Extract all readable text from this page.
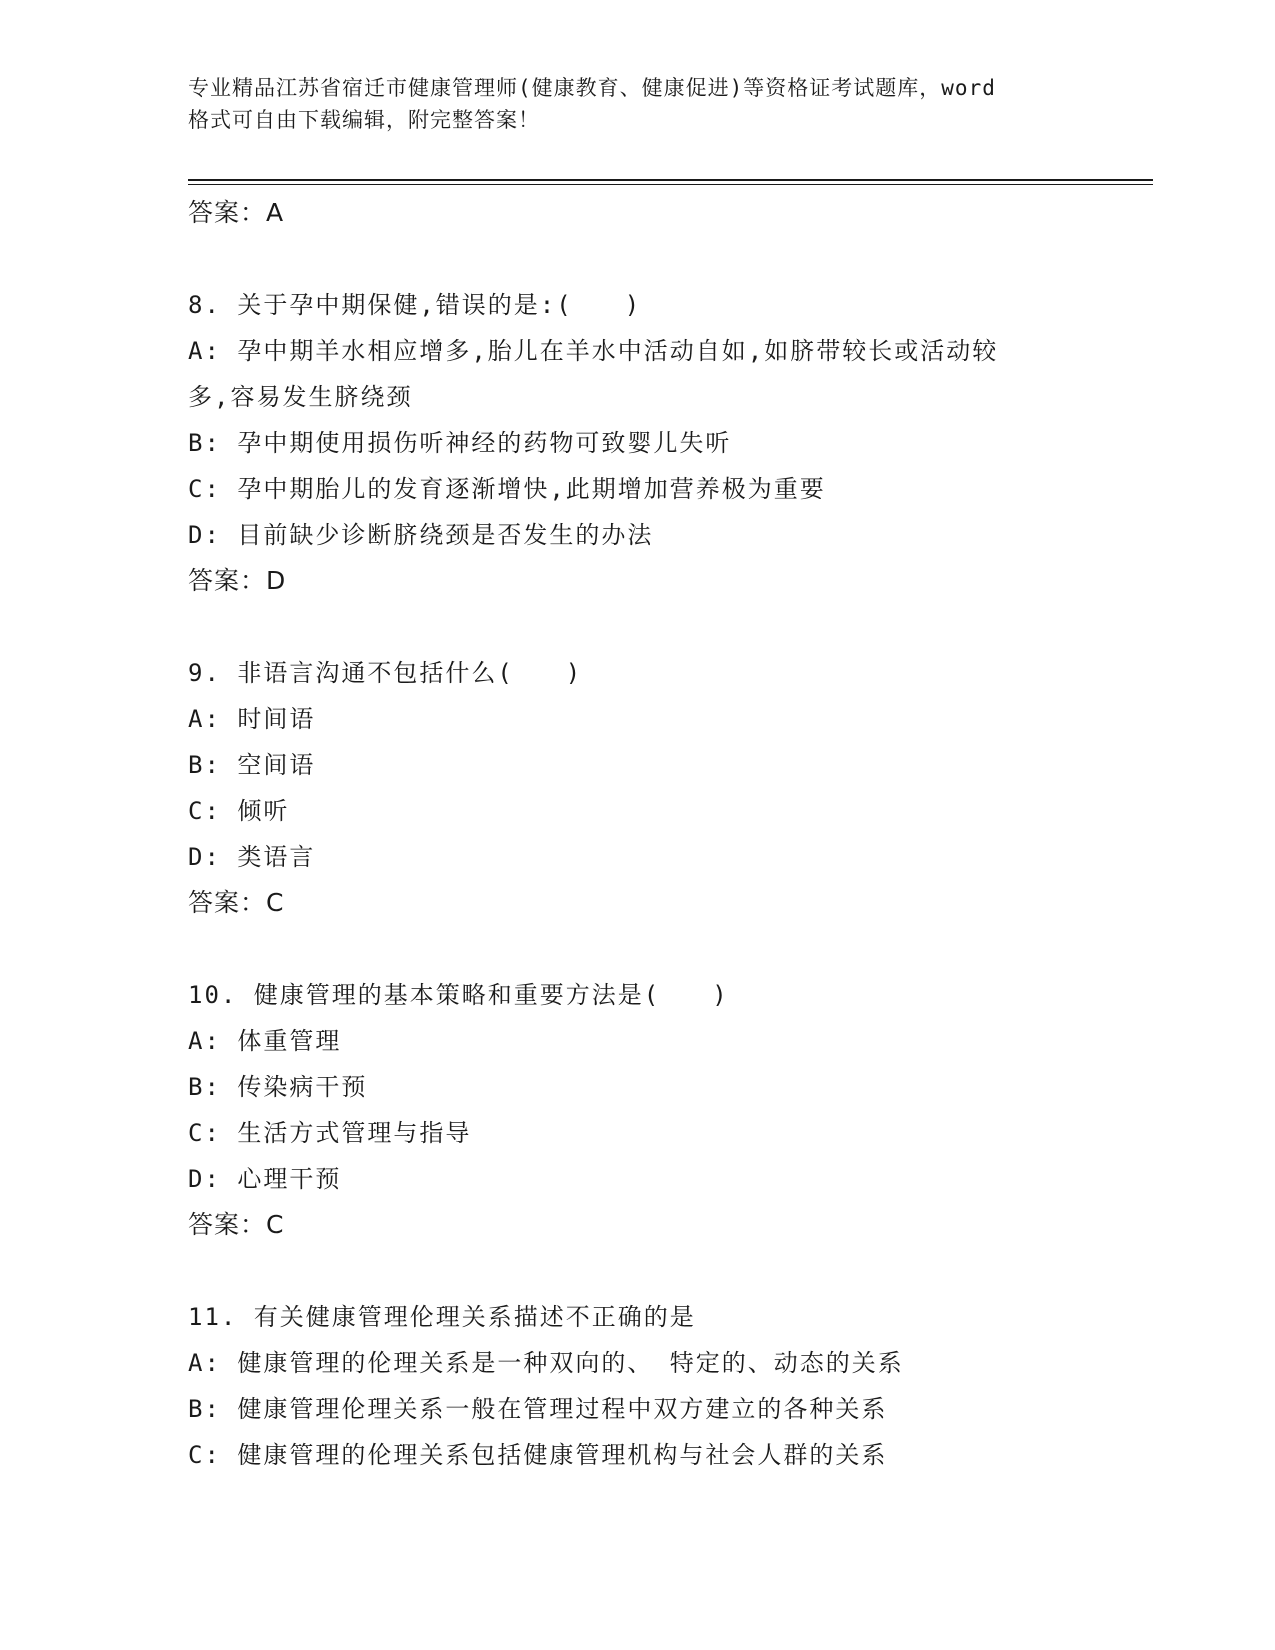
专业精品江苏省宿迁市健康管理师(健康教育、健康促进)等资格证考试题库，word
格式可自由下载编辑，附完整答案！
答案：A
8. 关于孕中期保健,错误的是:(　　)
A: 孕中期羊水相应增多,胎儿在羊水中活动自如,如脐带较长或活动较
多,容易发生脐绕颈
B: 孕中期使用损伤听神经的药物可致婴儿失听
C: 孕中期胎儿的发育逐渐增快,此期增加营养极为重要
D: 目前缺少诊断脐绕颈是否发生的办法
答案：D
9. 非语言沟通不包括什么(　　)
A: 时间语
B: 空间语
C: 倾听
D: 类语言
答案：C
10. 健康管理的基本策略和重要方法是(　　)
A: 体重管理
B: 传染病干预
C: 生活方式管理与指导
D: 心理干预
答案：C
11. 有关健康管理伦理关系描述不正确的是
A: 健康管理的伦理关系是一种双向的、 特定的、动态的关系
B: 健康管理伦理关系一般在管理过程中双方建立的各种关系
C: 健康管理的伦理关系包括健康管理机构与社会人群的关系
